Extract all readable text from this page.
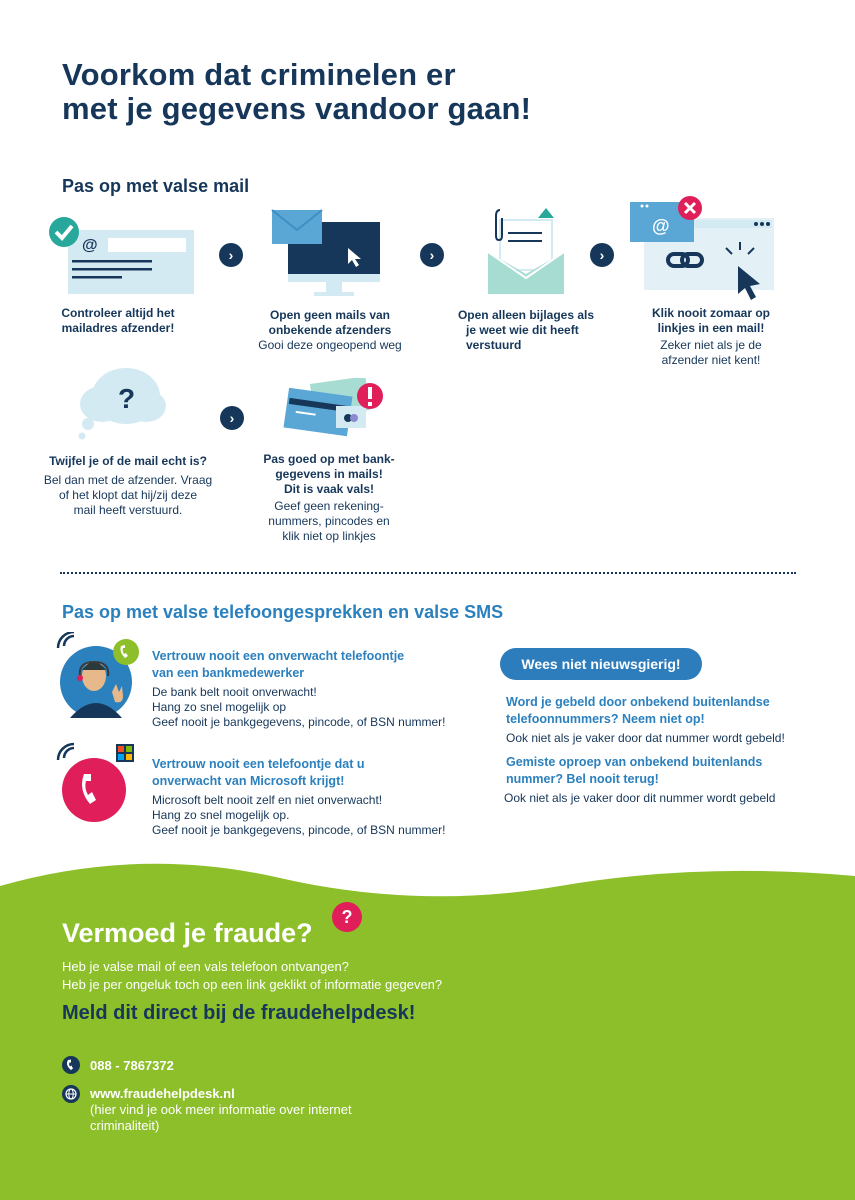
Voorkom dat criminelen er
met je gegevens vandoor gaan!
Pas op met valse mail
@
›	›	›
@
Controleer altijd het
mailadres afzender!
Open geen mails van
onbekende afzenders
Gooi deze ongeopend weg
Open alleen bijlages als
je weet wie dit heeft
verstuurd
Klik nooit zomaar op
linkjes in een mail!
Zeker niet als je de
afzender niet kent!
?
›
Twijfel je of de mail echt is?
Bel dan met de afzender. Vraag
of het klopt dat hij/zij deze
mail heeft verstuurd.
Pas goed op met bank-
gegevens in mails!
Dit is vaak vals!
Geef geen rekening-
nummers, pincodes en
klik niet op linkjes
Pas op met valse telefoongesprekken en valse SMS
Vertrouw nooit een onverwacht telefoontje
van een bankmedewerker
De bank belt nooit onverwacht!
Hang zo snel mogelijk op
Geef nooit je bankgegevens, pincode, of BSN nummer!
Vertrouw nooit een telefoontje dat u
onverwacht van Microsoft krijgt!
Microsoft belt nooit zelf en niet onverwacht!
Hang zo snel mogelijk op.
Geef nooit je bankgegevens, pincode, of BSN nummer!
Wees niet nieuwsgierig!
Word je gebeld door onbekend buitenlandse
telefoonnummers? Neem niet op!
Ook niet als je vaker door dat nummer wordt gebeld!
Gemiste oproep van onbekend buitenlands
nummer? Bel nooit terug!
Ook niet als je vaker door dit nummer wordt gebeld
Vermoed je fraude?
?
Heb je valse mail of een vals telefoon ontvangen?
Heb je per ongeluk toch op een link geklikt of informatie gegeven?
Meld dit direct bij de fraudehelpdesk!
088 - 7867372
www.fraudehelpdesk.nl
(hier vind je ook meer informatie over internet
criminaliteit)
